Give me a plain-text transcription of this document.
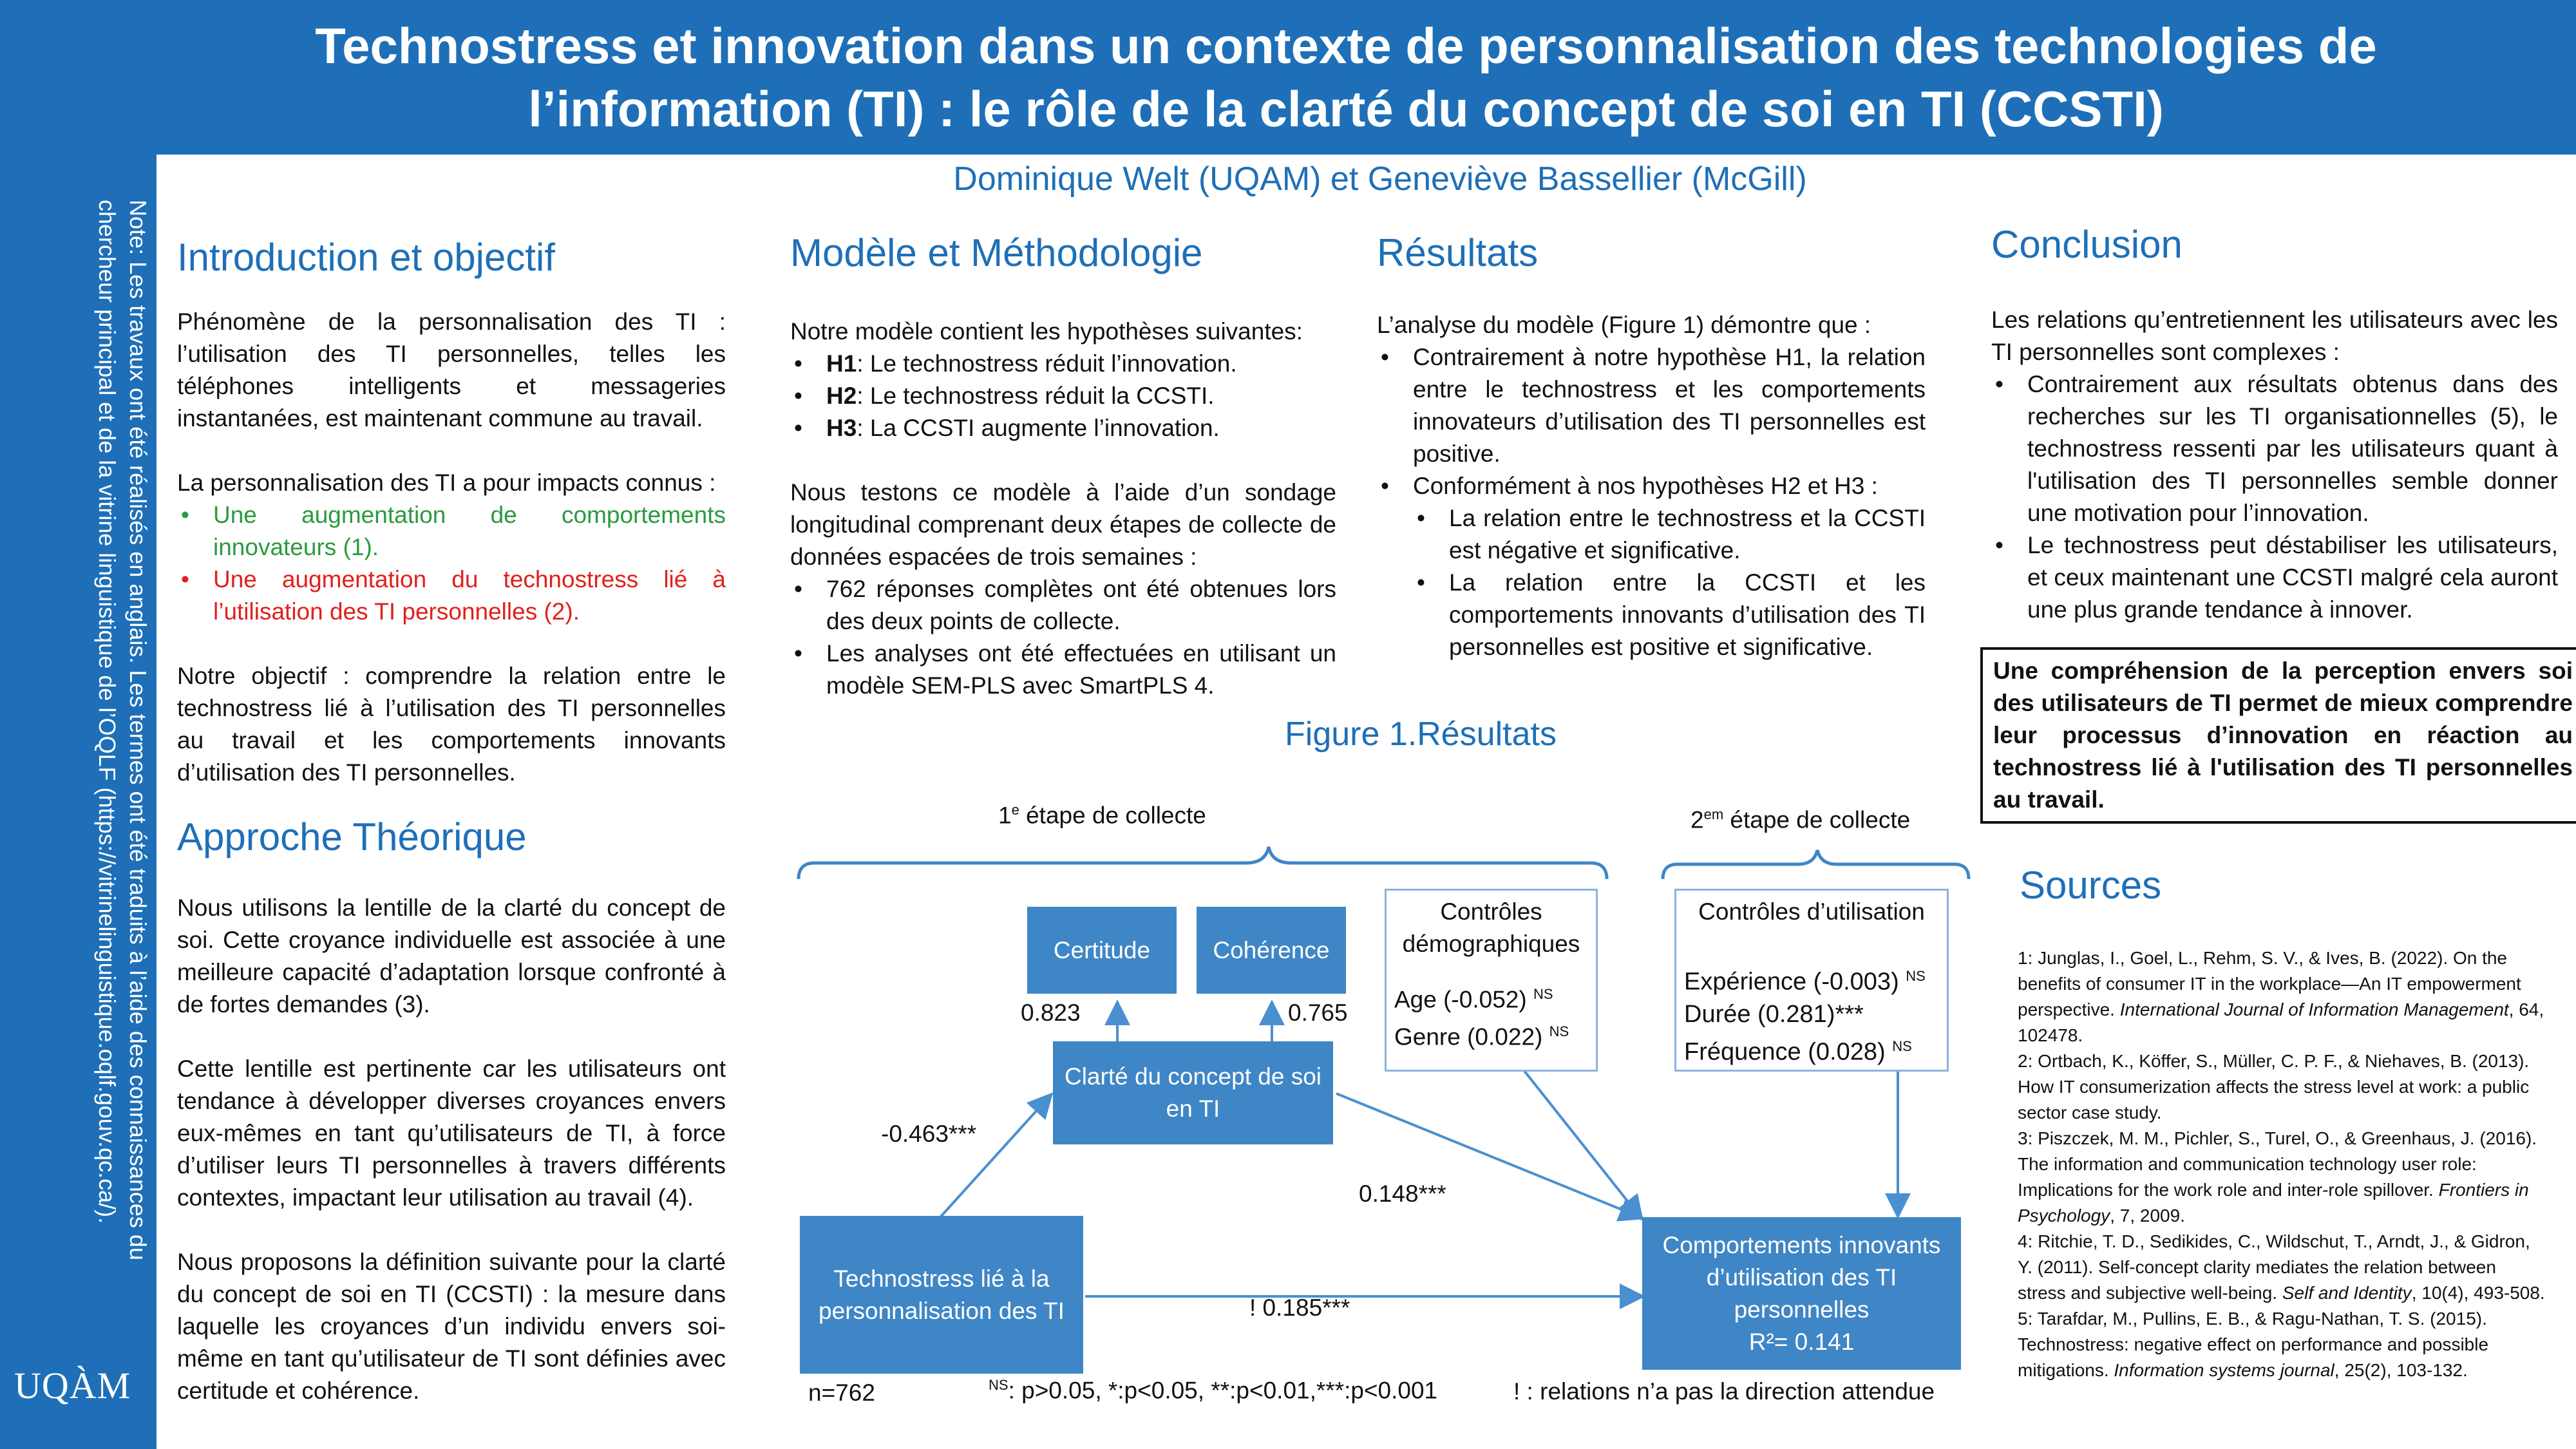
Technostress et innovation dans un contexte de personnalisation des technologies de
l’information (TI) : le rôle de la clarté du concept de soi en TI (CCSTI)
Note: Les travaux ont été réalisés en anglais. Les termes ont été traduits à l’aide des connaissances du
chercheur principal et de la vitrine linguistique de l’OQLF (https://vitrinelinguistique.oqlf.gouv.qc.ca/).
UQÀM
Dominique Welt (UQAM) et Geneviève Bassellier (McGill)
Introduction et objectif

Phénomène de la personnalisation des TI : l’utilisation des TI personnelles, telles les téléphones intelligents et messageries instantanées, est maintenant commune au travail.

La personnalisation des TI a pour impacts connus :

• Une augmentation de comportements innovateurs (1).
• Une augmentation du technostress lié à l’utilisation des TI personnelles (2).

Notre objectif : comprendre la relation entre le technostress lié à l’utilisation des TI personnelles au travail et les comportements innovants d’utilisation des TI personnelles.

Approche Théorique

Nous utilisons la lentille de la clarté du concept de soi. Cette croyance individuelle est associée à une meilleure capacité d’adaptation lorsque confronté à de fortes demandes (3).

Cette lentille est pertinente car les utilisateurs ont tendance à développer diverses croyances envers eux-mêmes en tant qu’utilisateurs de TI, à force d’utiliser leurs TI personnelles à travers différents contextes, impactant leur utilisation au travail (4).

Nous proposons la définition suivante pour la clarté du concept de soi en TI (CCSTI) : la mesure dans laquelle les croyances d’un individu envers soi-même en tant qu’utilisateur de TI sont définies avec certitude et cohérence.

Modèle et Méthodologie

Notre modèle contient les hypothèses suivantes:

• H1: Le technostress réduit l’innovation.
• H2: Le technostress réduit la CCSTI.
• H3: La CCSTI augmente l’innovation.

Nous testons ce modèle à l’aide d’un sondage longitudinal comprenant deux étapes de collecte de données espacées de trois semaines :

• 762 réponses complètes ont été obtenues lors des deux points de collecte.
• Les analyses ont été effectuées en utilisant un modèle SEM-PLS avec SmartPLS 4.
Résultats

L’analyse du modèle (Figure 1) démontre que :

• Contrairement à notre hypothèse H1, la relation entre le technostress et les comportements innovateurs d’utilisation des TI personnelles est positive.
• Conformément à nos hypothèses H2 et H3 :
• La relation entre le technostress et la CCSTI est négative et significative.
• La relation entre la CCSTI et les comportements innovants d’utilisation des TI personnelles est positive et significative.
Conclusion

Les relations qu’entretiennent les utilisateurs avec les TI personnelles sont complexes :

• Contrairement aux résultats obtenus dans des recherches sur les TI organisationnelles (5), le technostress ressenti par les utilisateurs quant à l'utilisation des TI personnelles semble donner une motivation pour l’innovation.
• Le technostress peut déstabiliser les utilisateurs, et ceux maintenant une CCSTI malgré cela auront une plus grande tendance à innover.
Une compréhension de la perception envers soi des utilisateurs de TI permet de mieux comprendre leur processus d’innovation en réaction au technostress lié à l'utilisation des TI personnelles au travail.
Sources

1: Junglas, I., Goel, L., Rehm, S. V., & Ives, B. (2022). On the benefits of consumer IT in the workplace—An IT empowerment perspective. International Journal of Information Management, 64, 102478.

2: Ortbach, K., Köffer, S., Müller, C. P. F., & Niehaves, B. (2013). How IT consumerization affects the stress level at work: a public sector case study.

3: Piszczek, M. M., Pichler, S., Turel, O., & Greenhaus, J. (2016). The information and communication technology user role: Implications for the work role and inter-role spillover. Frontiers in Psychology, 7, 2009.

4: Ritchie, T. D., Sedikides, C., Wildschut, T., Arndt, J., & Gidron, Y. (2011). Self-concept clarity mediates the relation between stress and subjective well-being. Self and Identity, 10(4), 493-508.

5: Tarafdar, M., Pullins, E. B., & Ragu-Nathan, T. S. (2015). Technostress: negative effect on performance and possible mitigations. Information systems journal, 25(2), 103-132.

Figure 1.Résultats
1e étape de collecte	$2^{em}$ étape de collecte
Certitude	Cohérence
0.823	0.765
Clarté du concept de soi en TI
Contrôles démographiques
Age (-0.052) $^{NS}$
Genre (0.022) $^{NS}$
Contrôles d’utilisation
Expérience (-0.003) $^{NS}$
Durée (0.281)***
Fréquence (0.028) $^{NS}$
Technostress lié à la personnalisation des TI
Comportements innovants d’utilisation des TI personnelles
R²= 0.141
-0.463***
0.148***
! 0.185***
n=762	$^{NS}$: p>0.05, *:p<0.05, **:p<0.01,***:p<0.001	! : relations n’a pas la direction attendue
